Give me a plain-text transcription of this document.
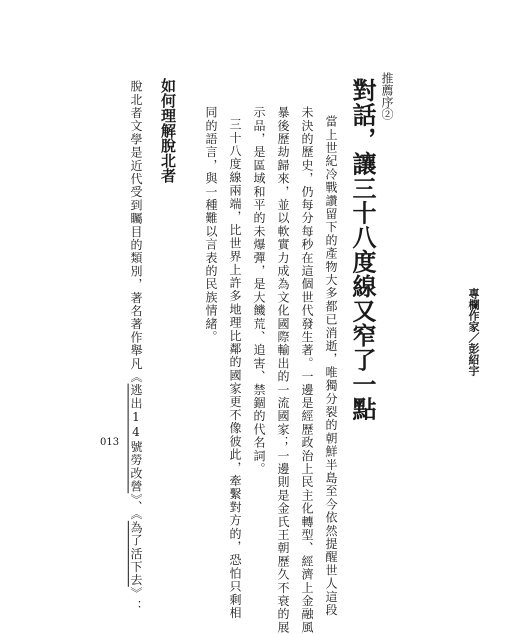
推薦序②
對話，讓三十八度線又窄了一點	專欄作家／彭紹宇
當上世紀冷戰讚留下的產物大多都已消逝，唯獨分裂的朝鮮半島至今依然提醒世人這段
未決的歷史，仍每分每秒在這個世代發生著。一邊是經歷政治上民主化轉型、經濟上金融風
暴後歷劫歸來，並以軟實力成為文化國際輸出的一流國家；一邊則是金氏王朝歷久不衰的展
示品，是區域和平的未爆彈，是大饑荒、追害、禁錮的代名詞。
三十八度線兩端，比世界上許多地理比鄰的國家更不像彼此，牽繫對方的，恐怕只剩相
同的語言，與一種難以言表的民族情緒。
如何理解脫北者
脫北者文學是近代受到矚目的類別，著名著作舉凡《逃出14號勞改營》、《為了活下去》：
013
